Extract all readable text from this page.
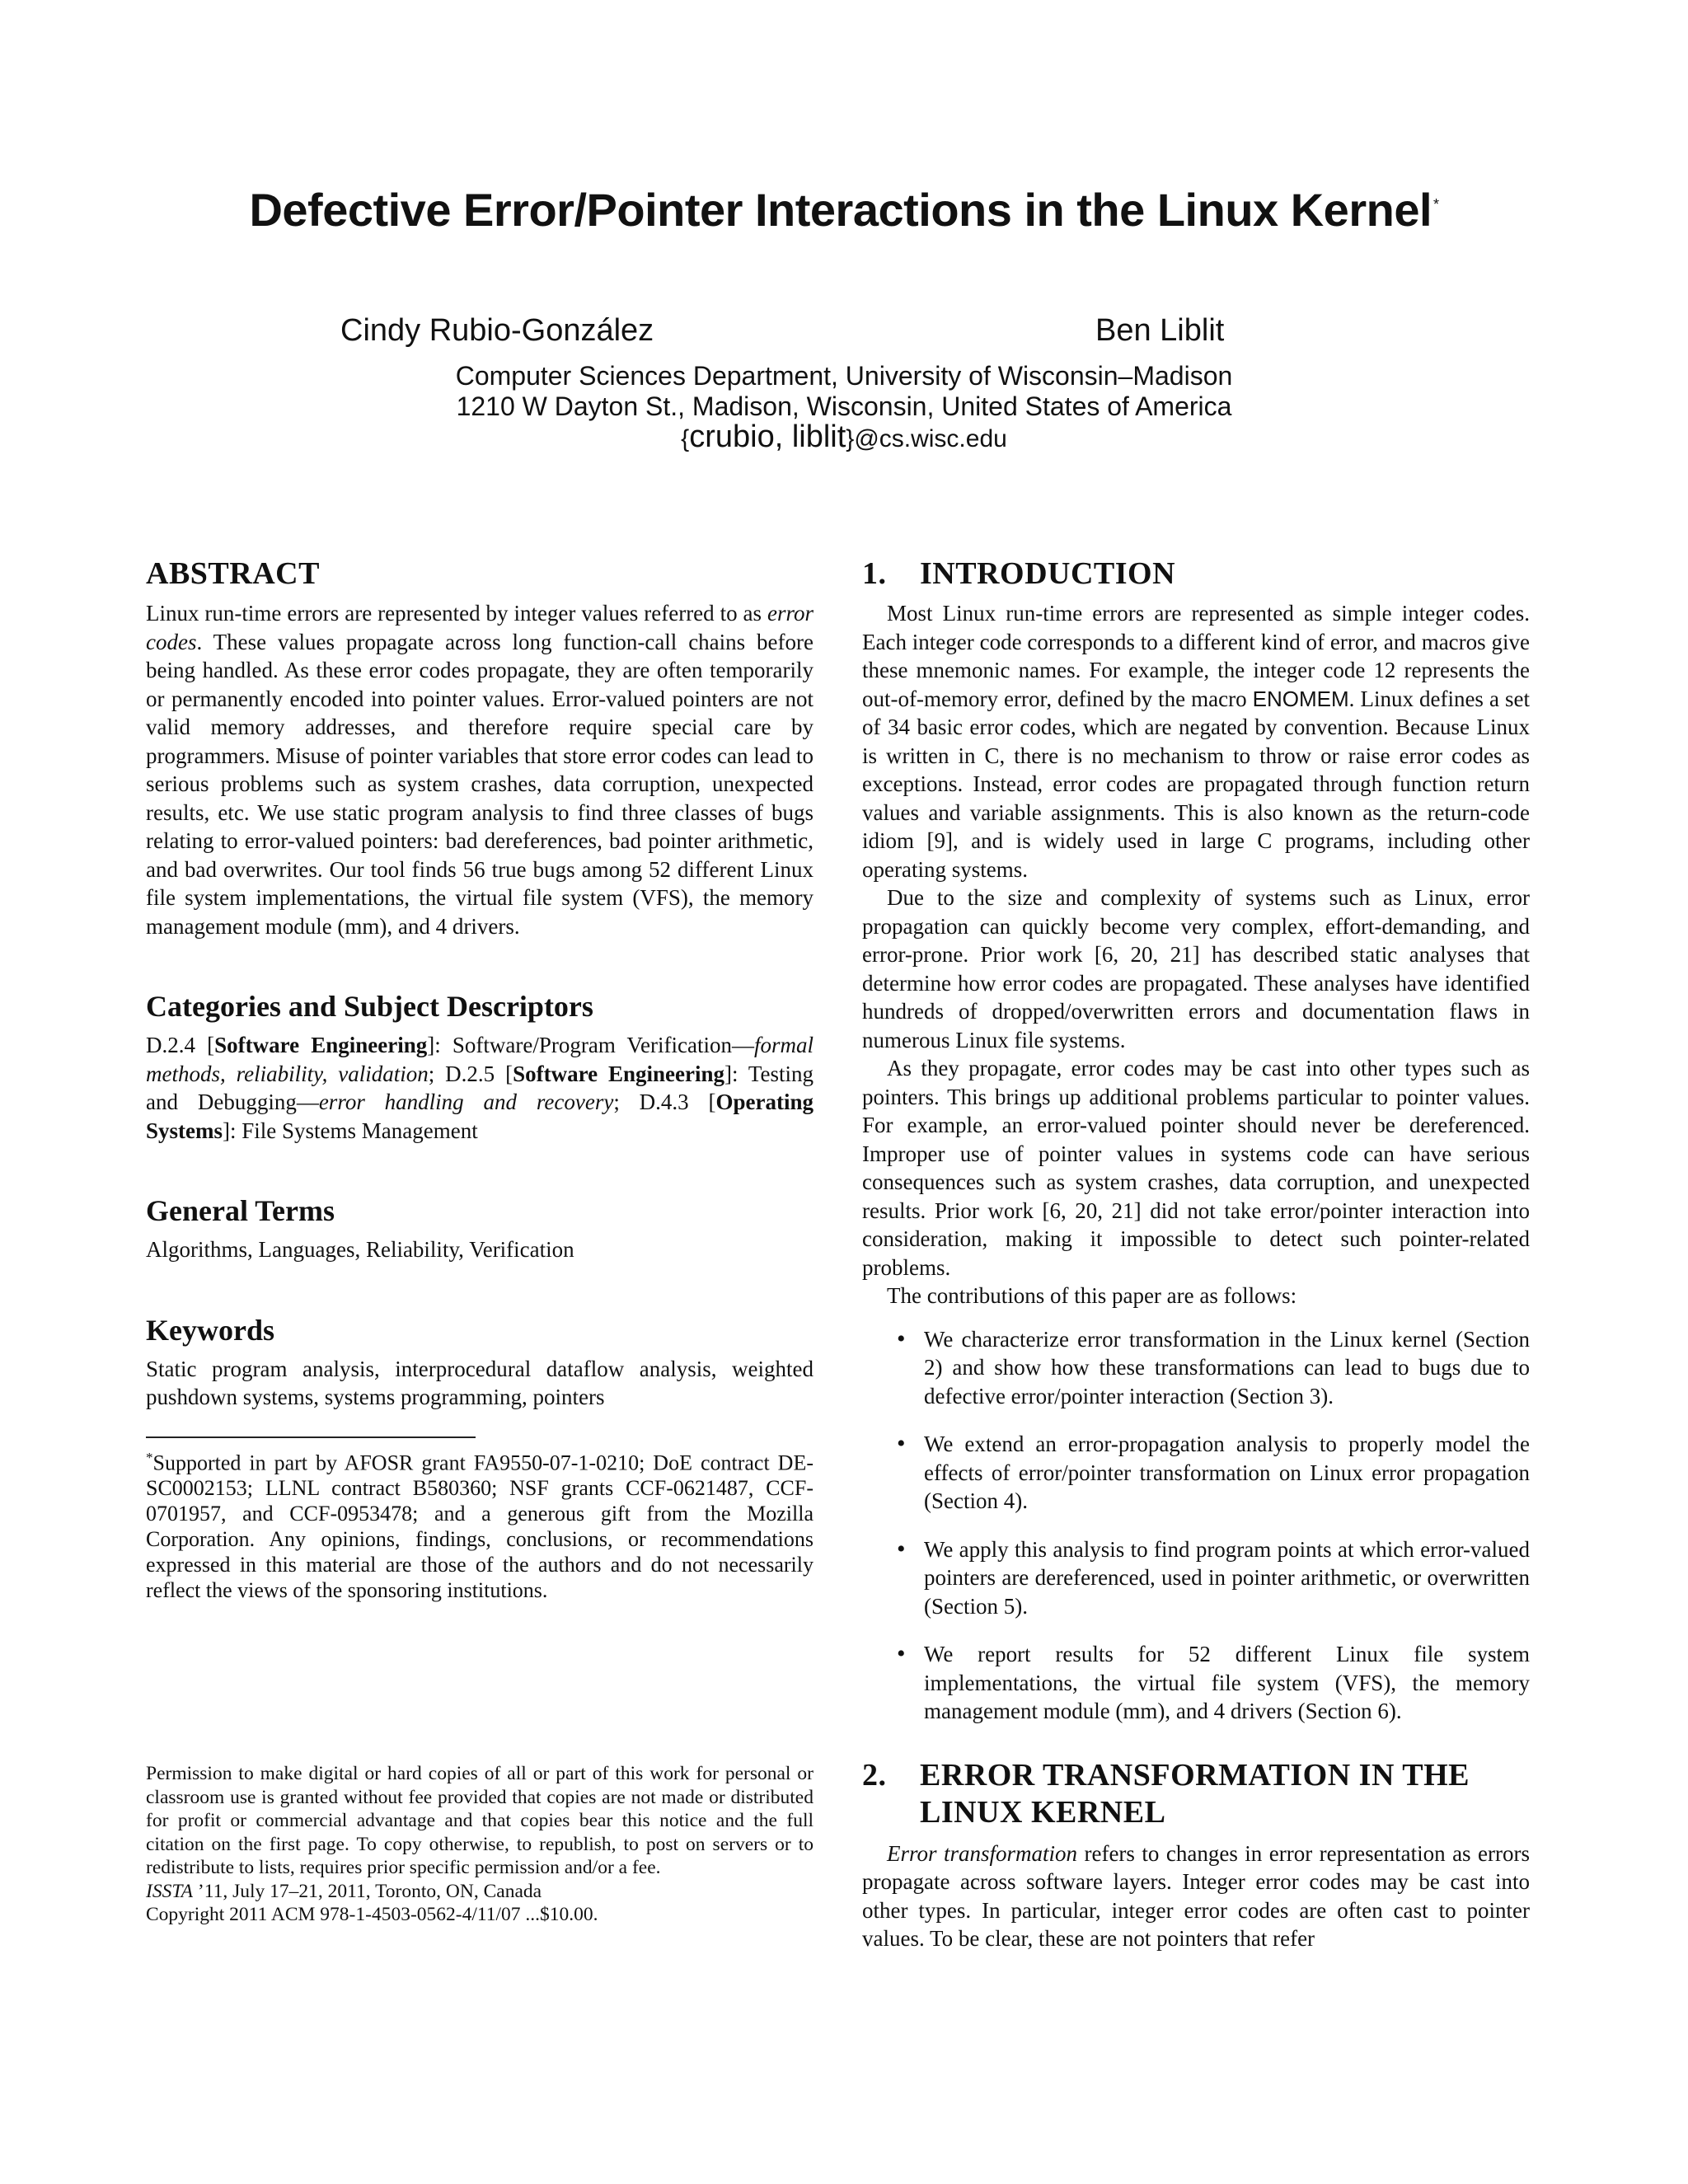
Defective Error/Pointer Interactions in the Linux Kernel *
Cindy Rubio-González	Ben Liblit
Computer Sciences Department, University of Wisconsin–Madison
1210 W Dayton St., Madison, Wisconsin, United States of America
{crubio, liblit}@cs.wisc.edu
ABSTRACT

Linux run-time errors are represented by integer values referred to as error codes. These values propagate across long function-call chains before being handled. As these error codes propagate, they are often temporarily or permanently encoded into pointer values. Error-valued pointers are not valid memory addresses, and therefore require special care by programmers. Misuse of pointer variables that store error codes can lead to serious problems such as system crashes, data corruption, unexpected results, etc. We use static program analysis to find three classes of bugs relating to error-valued pointers: bad dereferences, bad pointer arithmetic, and bad overwrites. Our tool finds 56 true bugs among 52 different Linux file system implementations, the virtual file system (VFS), the memory management module (mm), and 4 drivers.

Categories and Subject Descriptors

D.2.4 [Software Engineering]: Software/Program Verification—formal methods, reliability, validation; D.2.5 [Software Engineering]: Testing and Debugging—error handling and recovery; D.4.3 [Operating Systems]: File Systems Management

General Terms

Algorithms, Languages, Reliability, Verification

Keywords

Static program analysis, interprocedural dataflow analysis, weighted pushdown systems, systems programming, pointers

*Supported in part by AFOSR grant FA9550-07-1-0210; DoE contract DE-SC0002153; LLNL contract B580360; NSF grants CCF-0621487, CCF-0701957, and CCF-0953478; and a generous gift from the Mozilla Corporation. Any opinions, findings, conclusions, or recommendations expressed in this material are those of the authors and do not necessarily reflect the views of the sponsoring institutions.

Permission to make digital or hard copies of all or part of this work for personal or classroom use is granted without fee provided that copies are not made or distributed for profit or commercial advantage and that copies bear this notice and the full citation on the first page. To copy otherwise, to republish, to post on servers or to redistribute to lists, requires prior specific permission and/or a fee.

ISSTA ’11, July 17–21, 2011, Toronto, ON, Canada

Copyright 2011 ACM 978-1-4503-0562-4/11/07 ...$10.00.

1. INTRODUCTION

Most Linux run-time errors are represented as simple integer codes. Each integer code corresponds to a different kind of error, and macros give these mnemonic names. For example, the integer code 12 represents the out-of-memory error, defined by the macro ENOMEM. Linux defines a set of 34 basic error codes, which are negated by convention. Because Linux is written in C, there is no mechanism to throw or raise error codes as exceptions. Instead, error codes are propagated through function return values and variable assignments. This is also known as the return-code idiom [9], and is widely used in large C programs, including other operating systems.

Due to the size and complexity of systems such as Linux, error propagation can quickly become very complex, effort-demanding, and error-prone. Prior work [6, 20, 21] has described static analyses that determine how error codes are propagated. These analyses have identified hundreds of dropped/overwritten errors and documentation flaws in numerous Linux file systems.

As they propagate, error codes may be cast into other types such as pointers. This brings up additional problems particular to pointer values. For example, an error-valued pointer should never be dereferenced. Improper use of pointer values in systems code can have serious consequences such as system crashes, data corruption, and unexpected results. Prior work [6, 20, 21] did not take error/pointer interaction into consideration, making it impossible to detect such pointer-related problems.

The contributions of this paper are as follows:

• We characterize error transformation in the Linux kernel (Section 2) and show how these transformations can lead to bugs due to defective error/pointer interaction (Section 3).
• We extend an error-propagation analysis to properly model the effects of error/pointer transformation on Linux error propagation (Section 4).
• We apply this analysis to find program points at which error-valued pointers are dereferenced, used in pointer arithmetic, or overwritten (Section 5).
• We report results for 52 different Linux file system implementations, the virtual file system (VFS), the memory management module (mm), and 4 drivers (Section 6).
2. ERROR TRANSFORMATION IN THE
LINUX KERNEL

Error transformation refers to changes in error representation as errors propagate across software layers. Integer error codes may be cast into other types. In particular, integer error codes are often cast to pointer values. To be clear, these are not pointers that refer
